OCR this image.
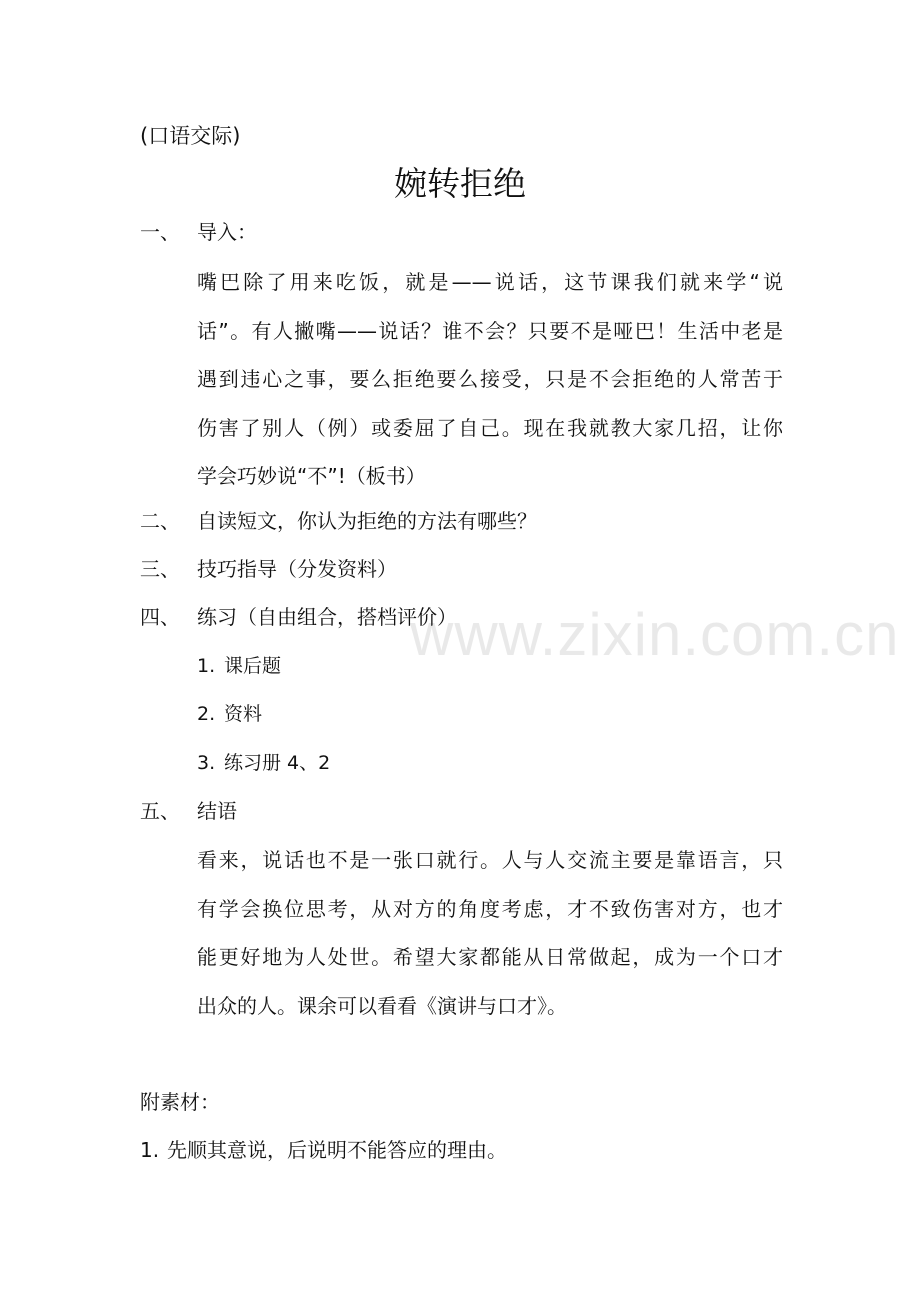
www.zixin.com.cn
(口语交际)
婉转拒绝
一、 导入：
嘴巴除了用来吃饭，就是——说话，这节课我们就来学“说
话”。有人撇嘴——说话？谁不会？只要不是哑巴！生活中老是
遇到违心之事，要么拒绝要么接受，只是不会拒绝的人常苦于
伤害了别人（例）或委屈了自己。现在我就教大家几招，让你
学会巧妙说“不”!（板书）
二、 自读短文，你认为拒绝的方法有哪些？
三、 技巧指导（分发资料）
四、 练习（自由组合，搭档评价）
1. 课后题
2. 资料
3. 练习册 4、2
五、 结语
看来，说话也不是一张口就行。人与人交流主要是靠语言，只
有学会换位思考，从对方的角度考虑，才不致伤害对方，也才
能更好地为人处世。希望大家都能从日常做起，成为一个口才
出众的人。课余可以看看《演讲与口才》。
附素材：
1. 先顺其意说，后说明不能答应的理由。
